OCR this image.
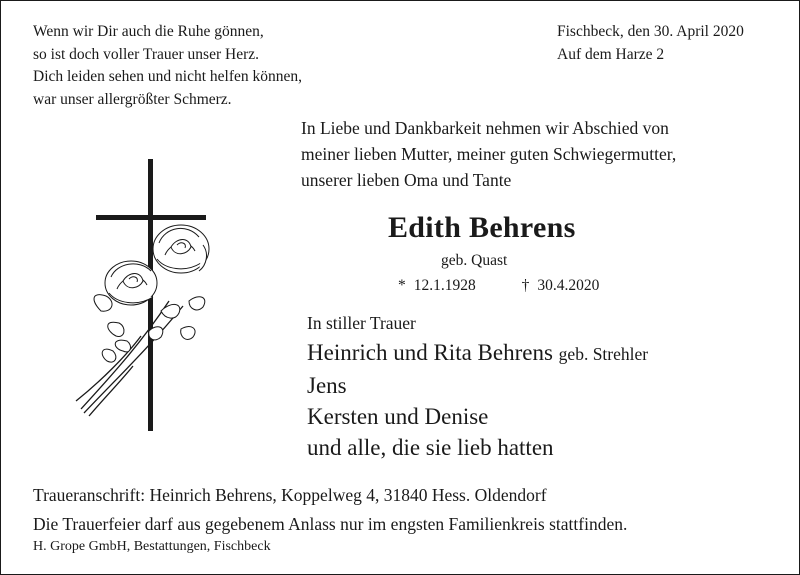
Wenn wir Dir auch die Ruhe gönnen,
so ist doch voller Trauer unser Herz.
Dich leiden sehen und nicht helfen können,
war unser allergrößter Schmerz.
Fischbeck, den 30. April 2020
Auf dem Harze 2
In Liebe und Dankbarkeit nehmen wir Abschied von
meiner lieben Mutter, meiner guten Schwiegermutter,
unserer lieben Oma und Tante
Edith Behrens
geb. Quast
* 12.1.1928	† 30.4.2020
In stiller Trauer
Heinrich und Rita Behrens geb. Strehler
Jens
Kersten und Denise
und alle, die sie lieb hatten
Traueranschrift: Heinrich Behrens, Koppelweg 4, 31840 Hess. Oldendorf
Die Trauerfeier darf aus gegebenem Anlass nur im engsten Familienkreis stattfinden.
H. Grope GmbH, Bestattungen, Fischbeck
